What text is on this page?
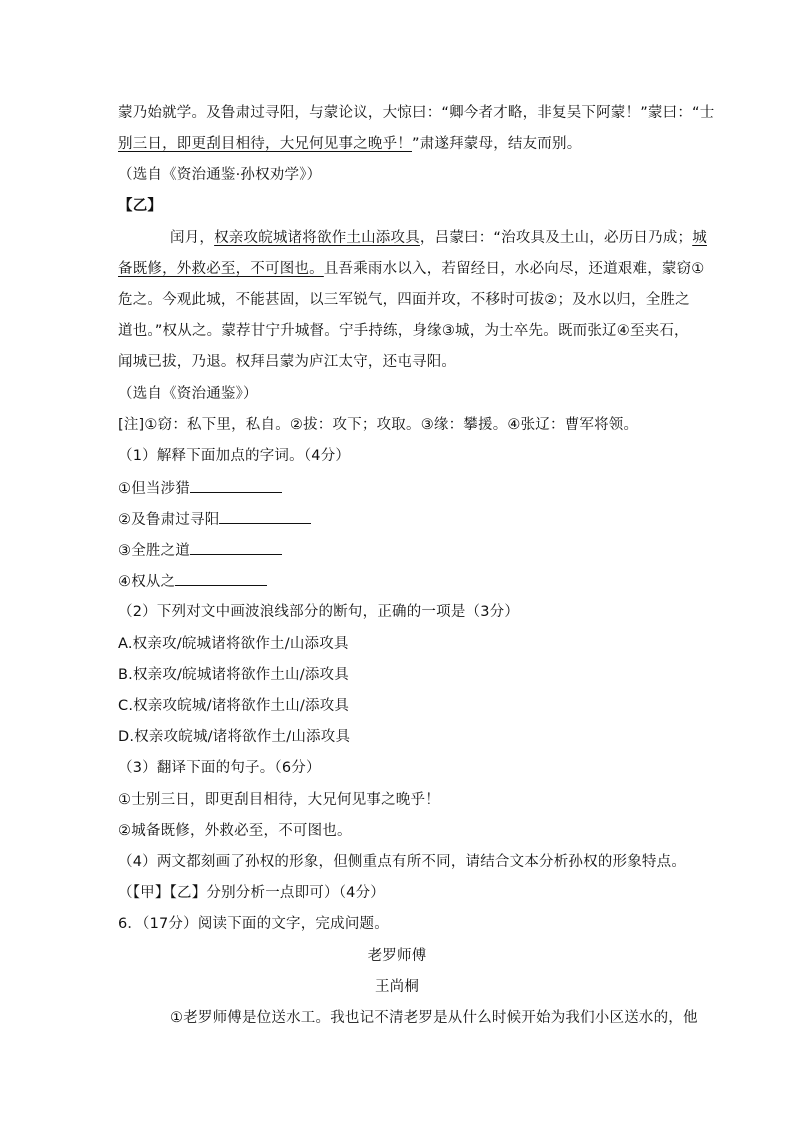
蒙乃始就学。及鲁肃过寻阳，与蒙论议，大惊曰：“卿今者才略，非复吴下阿蒙！”蒙曰：“士
别三日，即更刮目相待，大兄何见事之晚乎！”肃遂拜蒙母，结友而别。
（选自《资治通鉴·孙权劝学》）
【乙】
闰月，权亲攻皖城诸将欲作土山添攻具，吕蒙曰：“治攻具及土山，必历日乃成；城
备既修，外救必至，不可图也。且吾乘雨水以入，若留经日，水必向尽，还道艰难，蒙窃①
危之。今观此城，不能甚固，以三军锐气，四面并攻，不移时可拔②；及水以归，全胜之
道也。”权从之。蒙荐甘宁升城督。宁手持练，身缘③城，为士卒先。既而张辽④至夹石，
闻城已拔，乃退。权拜吕蒙为庐江太守，还屯寻阳。
（选自《资治通鉴》）
[注]①窃：私下里，私自。②拔：攻下；攻取。③缘：攀援。④张辽：曹军将领。
（1）解释下面加点的字词。（4分）
①但当涉猎
②及鲁肃过寻阳
③全胜之道
④权从之
（2）下列对文中画波浪线部分的断句，正确的一项是（3分）
A.权亲攻/皖城诸将欲作土/山添攻具
B.权亲攻/皖城诸将欲作土山/添攻具
C.权亲攻皖城/诸将欲作土山/添攻具
D.权亲攻皖城/诸将欲作土/山添攻具
（3）翻译下面的句子。（6分）
①士别三日，即更刮目相待，大兄何见事之晚乎！
②城备既修，外救必至，不可图也。
（4）两文都刻画了孙权的形象，但侧重点有所不同，请结合文本分析孙权的形象特点。
（【甲】【乙】分别分析一点即可）（4分）
6．（17分）阅读下面的文字，完成问题。
老罗师傅
王尚桐
①老罗师傅是位送水工。我也记不清老罗是从什么时候开始为我们小区送水的，他
